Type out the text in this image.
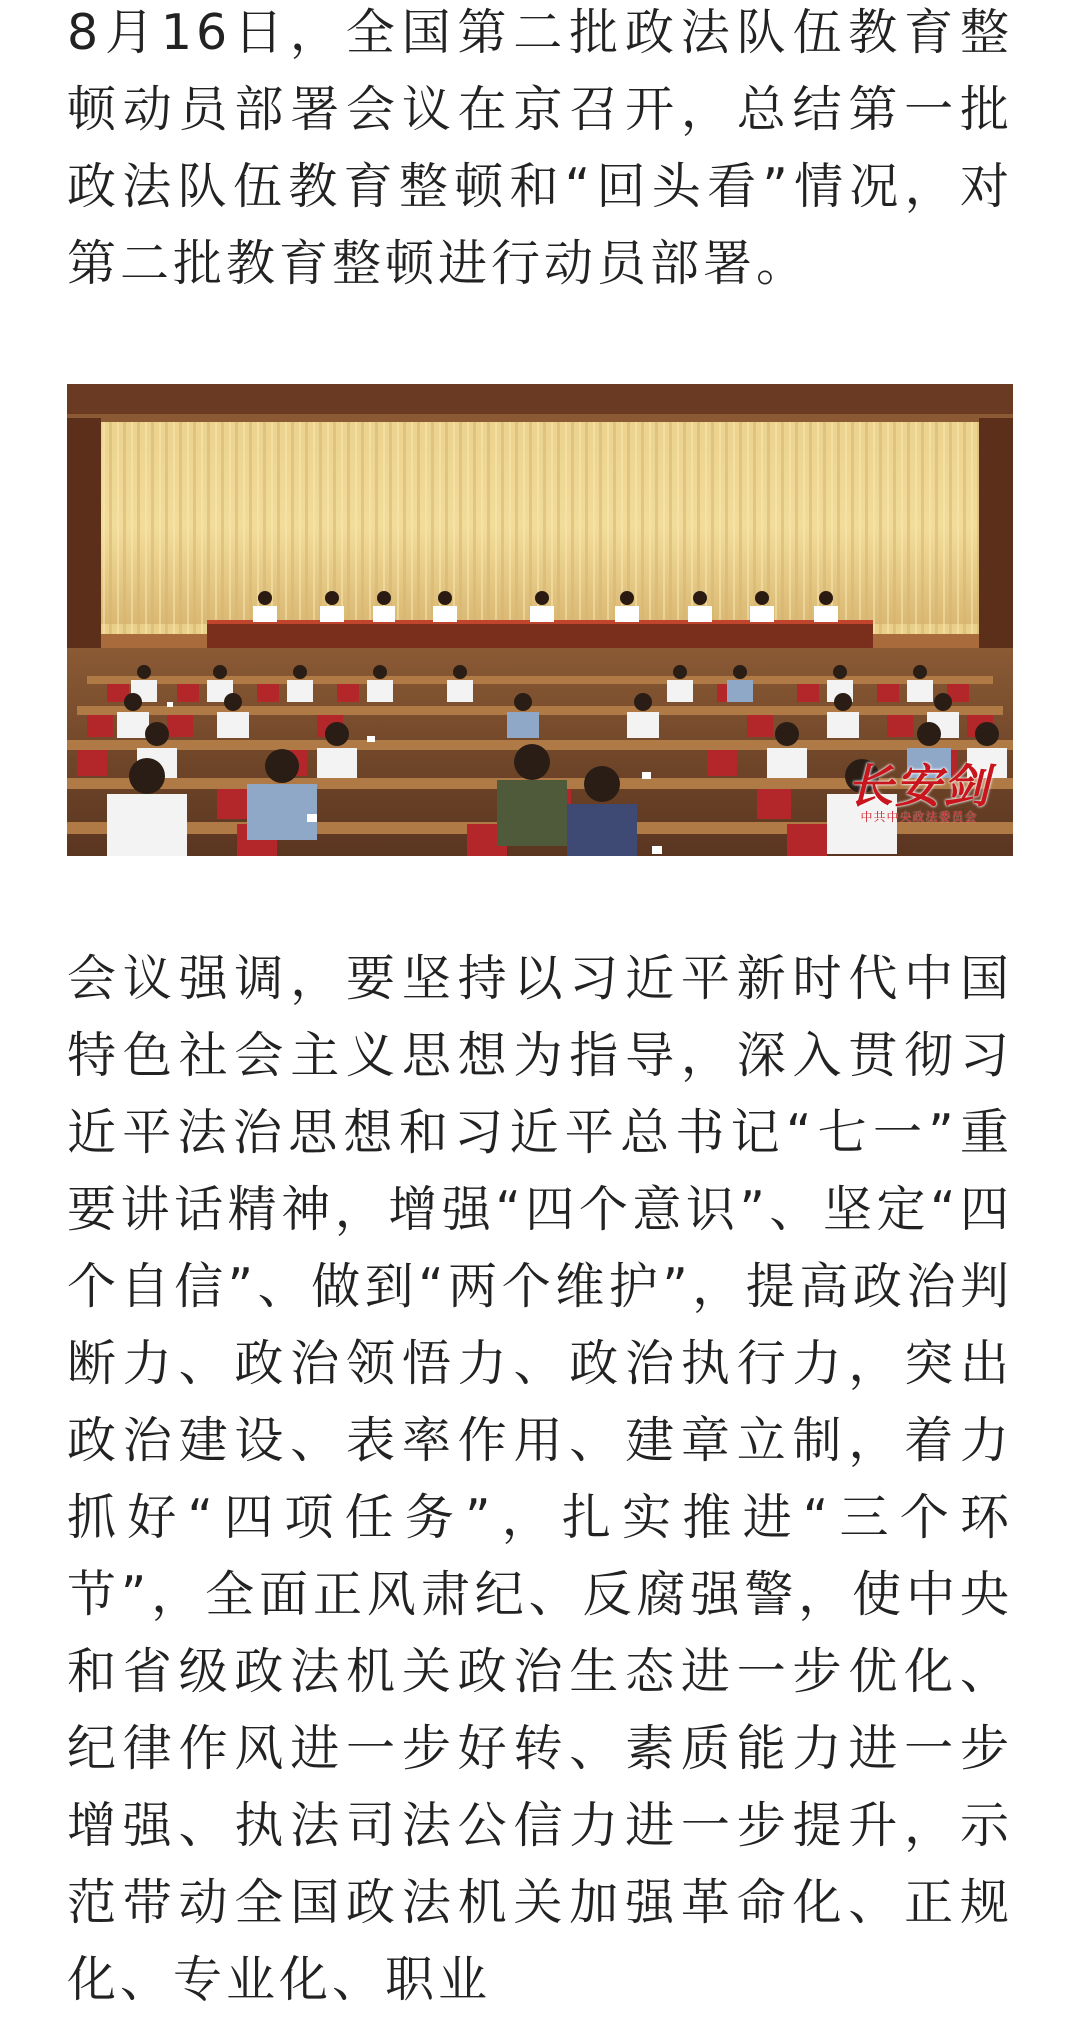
8月16日，全国第二批政法队伍教育整顿动员部署会议在京召开，总结第一批政法队伍教育整顿和“回头看”情况，对第二批教育整顿进行动员部署。

长安剑
中共中央政法委员会

会议强调，要坚持以习近平新时代中国特色社会主义思想为指导，深入贯彻习近平法治思想和习近平总书记“七一”重要讲话精神，增强“四个意识”、坚定“四个自信”、做到“两个维护”，提高政治判断力、政治领悟力、政治执行力，突出政治建设、表率作用、建章立制，着力抓好“四项任务”，扎实推进“三个环节”，全面正风肃纪、反腐强警，使中央和省级政法机关政治生态进一步优化、纪律作风进一步好转、素质能力进一步增强、执法司法公信力进一步提升，示范带动全国政法机关加强革命化、正规化、专业化、职业
